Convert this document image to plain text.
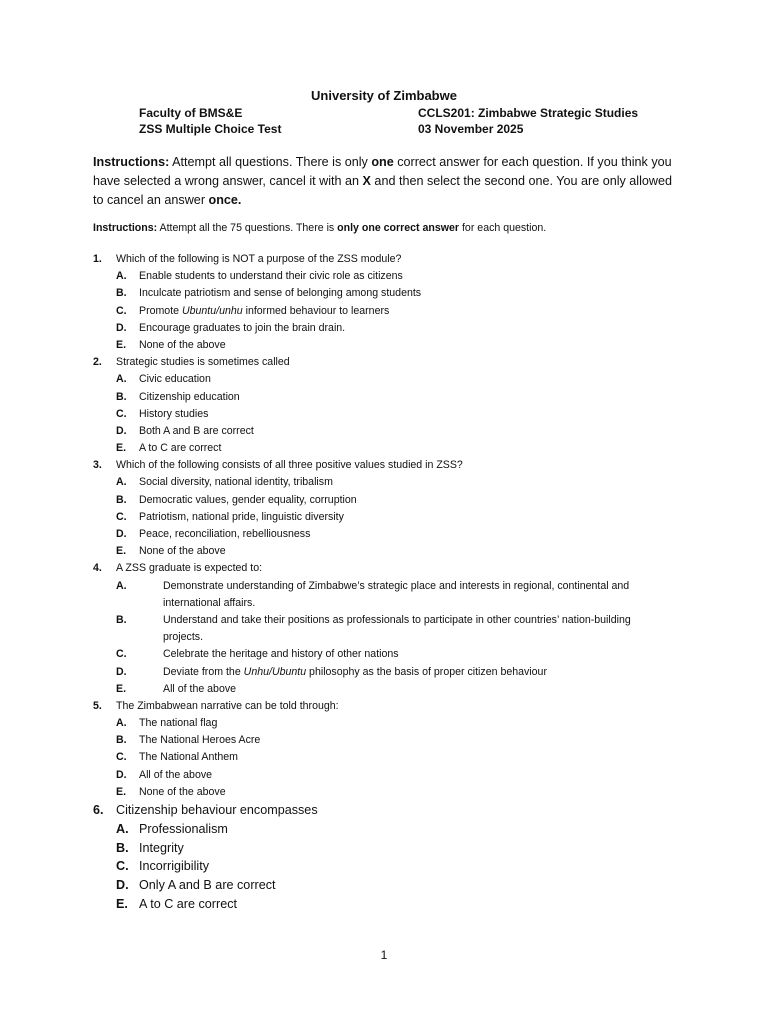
University of Zimbabwe
Faculty of BMS&E	CCLS201: Zimbabwe Strategic Studies
ZSS Multiple Choice Test	03 November 2025
Instructions: Attempt all questions. There is only one correct answer for each question. If you think you have selected a wrong answer, cancel it with an X and then select the second one. You are only allowed to cancel an answer once.
Instructions: Attempt all the 75 questions. There is only one correct answer for each question.
1. Which of the following is NOT a purpose of the ZSS module?
A. Enable students to understand their civic role as citizens
B. Inculcate patriotism and sense of belonging among students
C. Promote Ubuntu/unhu informed behaviour to learners
D. Encourage graduates to join the brain drain.
E. None of the above
2. Strategic studies is sometimes called
A. Civic education
B. Citizenship education
C. History studies
D. Both A and B are correct
E. A to C are correct
3. Which of the following consists of all three positive values studied in ZSS?
A. Social diversity, national identity, tribalism
B. Democratic values, gender equality, corruption
C. Patriotism, national pride, linguistic diversity
D. Peace, reconciliation, rebelliousness
E. None of the above
4. A ZSS graduate is expected to:
A.	Demonstrate understanding of Zimbabwe’s strategic place and interests in regional, continental and international affairs.
B.	Understand and take their positions as professionals to participate in other countries’ nation-building projects.
C.	Celebrate the heritage and history of other nations
D.	Deviate from the Unhu/Ubuntu philosophy as the basis of proper citizen behaviour
E.	All of the above
5. The Zimbabwean narrative can be told through:
A. The national flag
B. The National Heroes Acre
C. The National Anthem
D. All of the above
E. None of the above
6. Citizenship behaviour encompasses
A. Professionalism
B. Integrity
C. Incorrigibility
D. Only A and B are correct
E. A to C are correct
1
